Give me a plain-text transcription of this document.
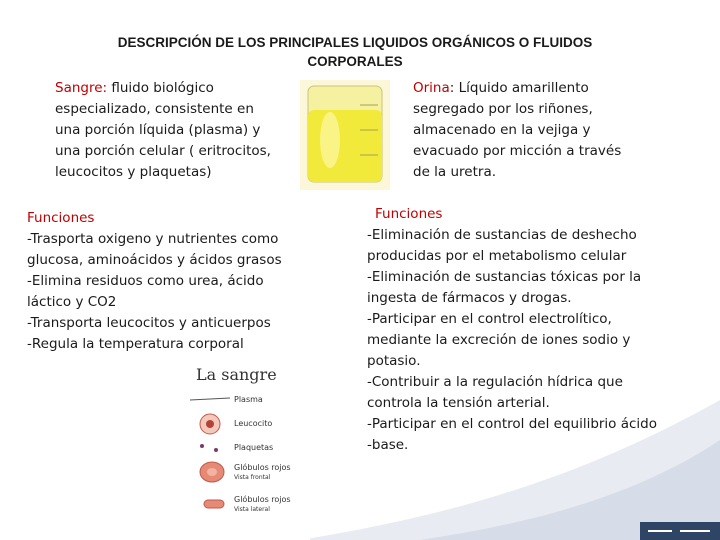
DESCRIPCIÓN DE LOS PRINCIPALES LIQUIDOS ORGÁNICOS O FLUIDOS
CORPORALES
Sangre: fluido biológico
especializado, consistente en
una porción líquida (plasma) y
una porción celular ( eritrocitos,
leucocitos y plaquetas)
Orina: Líquido amarillento
segregado por los riñones,
almacenado en la vejiga y
evacuado por micción a través
de la uretra.
Funciones
-Trasporta oxigeno y nutrientes como
glucosa, aminoácidos y ácidos grasos
-Elimina residuos como urea, ácido
láctico y CO2
-Transporta leucocitos y anticuerpos
-Regula la temperatura corporal
Funciones
-Eliminación de sustancias de deshecho
producidas por el metabolismo celular
-Eliminación de sustancias tóxicas por la
ingesta de fármacos y drogas.
-Participar en el control electrolítico,
mediante la excreción de iones sodio y
potasio.
-Contribuir a la regulación hídrica que
controla la tensión arterial.
-Participar en el control del equilibrio ácido
-base.
La sangre
Plasma
Leucocito
Plaquetas
Glóbulos rojos
Vista frontal
Glóbulos rojos
Vista lateral
